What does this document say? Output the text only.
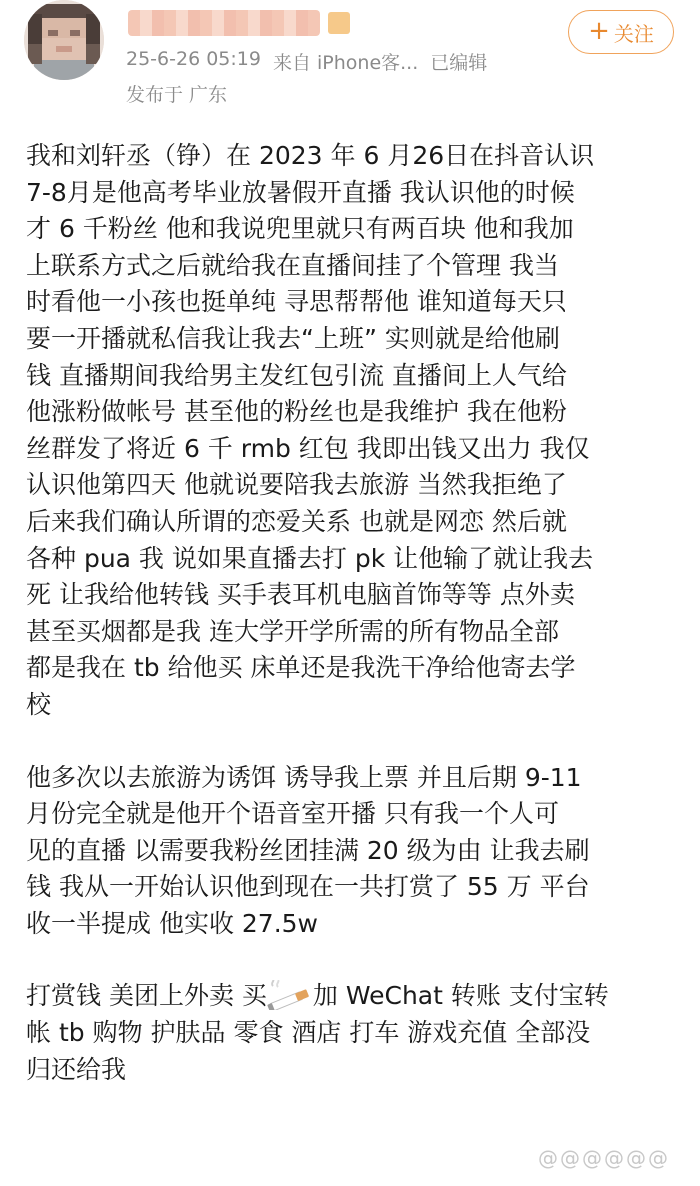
25-6-26 05:19 来自 iPhone客... 已编辑
发布于 广东
+ 关注

我和刘轩丞（铮）在 2023 年 6 月26日在抖音认识
7-8月是他高考毕业放暑假开直播 我认识他的时候
才 6 千粉丝 他和我说兜里就只有两百块 他和我加
上联系方式之后就给我在直播间挂了个管理 我当
时看他一小孩也挺单纯 寻思帮帮他 谁知道每天只
要一开播就私信我让我去“上班” 实则就是给他刷
钱 直播期间我给男主发红包引流 直播间上人气给
他涨粉做帐号 甚至他的粉丝也是我维护 我在他粉
丝群发了将近 6 千 rmb 红包 我即出钱又出力 我仅
认识他第四天 他就说要陪我去旅游 当然我拒绝了
后来我们确认所谓的恋爱关系 也就是网恋 然后就
各种 pua 我 说如果直播去打 pk 让他输了就让我去
死 让我给他转钱 买手表耳机电脑首饰等等 点外卖
甚至买烟都是我 连大学开学所需的所有物品全部
都是我在 tb 给他买 床单还是我洗干净给他寄去学
校

他多次以去旅游为诱饵 诱导我上票 并且后期 9-11
月份完全就是他开个语音室开播 只有我一个人可
见的直播 以需要我粉丝团挂满 20 级为由 让我去刷
钱 我从一开始认识他到现在一共打赏了 55 万 平台
收一半提成 他实收 27.5w

打赏钱 美团上外卖 买 加 WeChat 转账 支付宝转
帐 tb 购物 护肤品 零食 酒店 打车 游戏充值 全部没
归还给我

@@@@@@
